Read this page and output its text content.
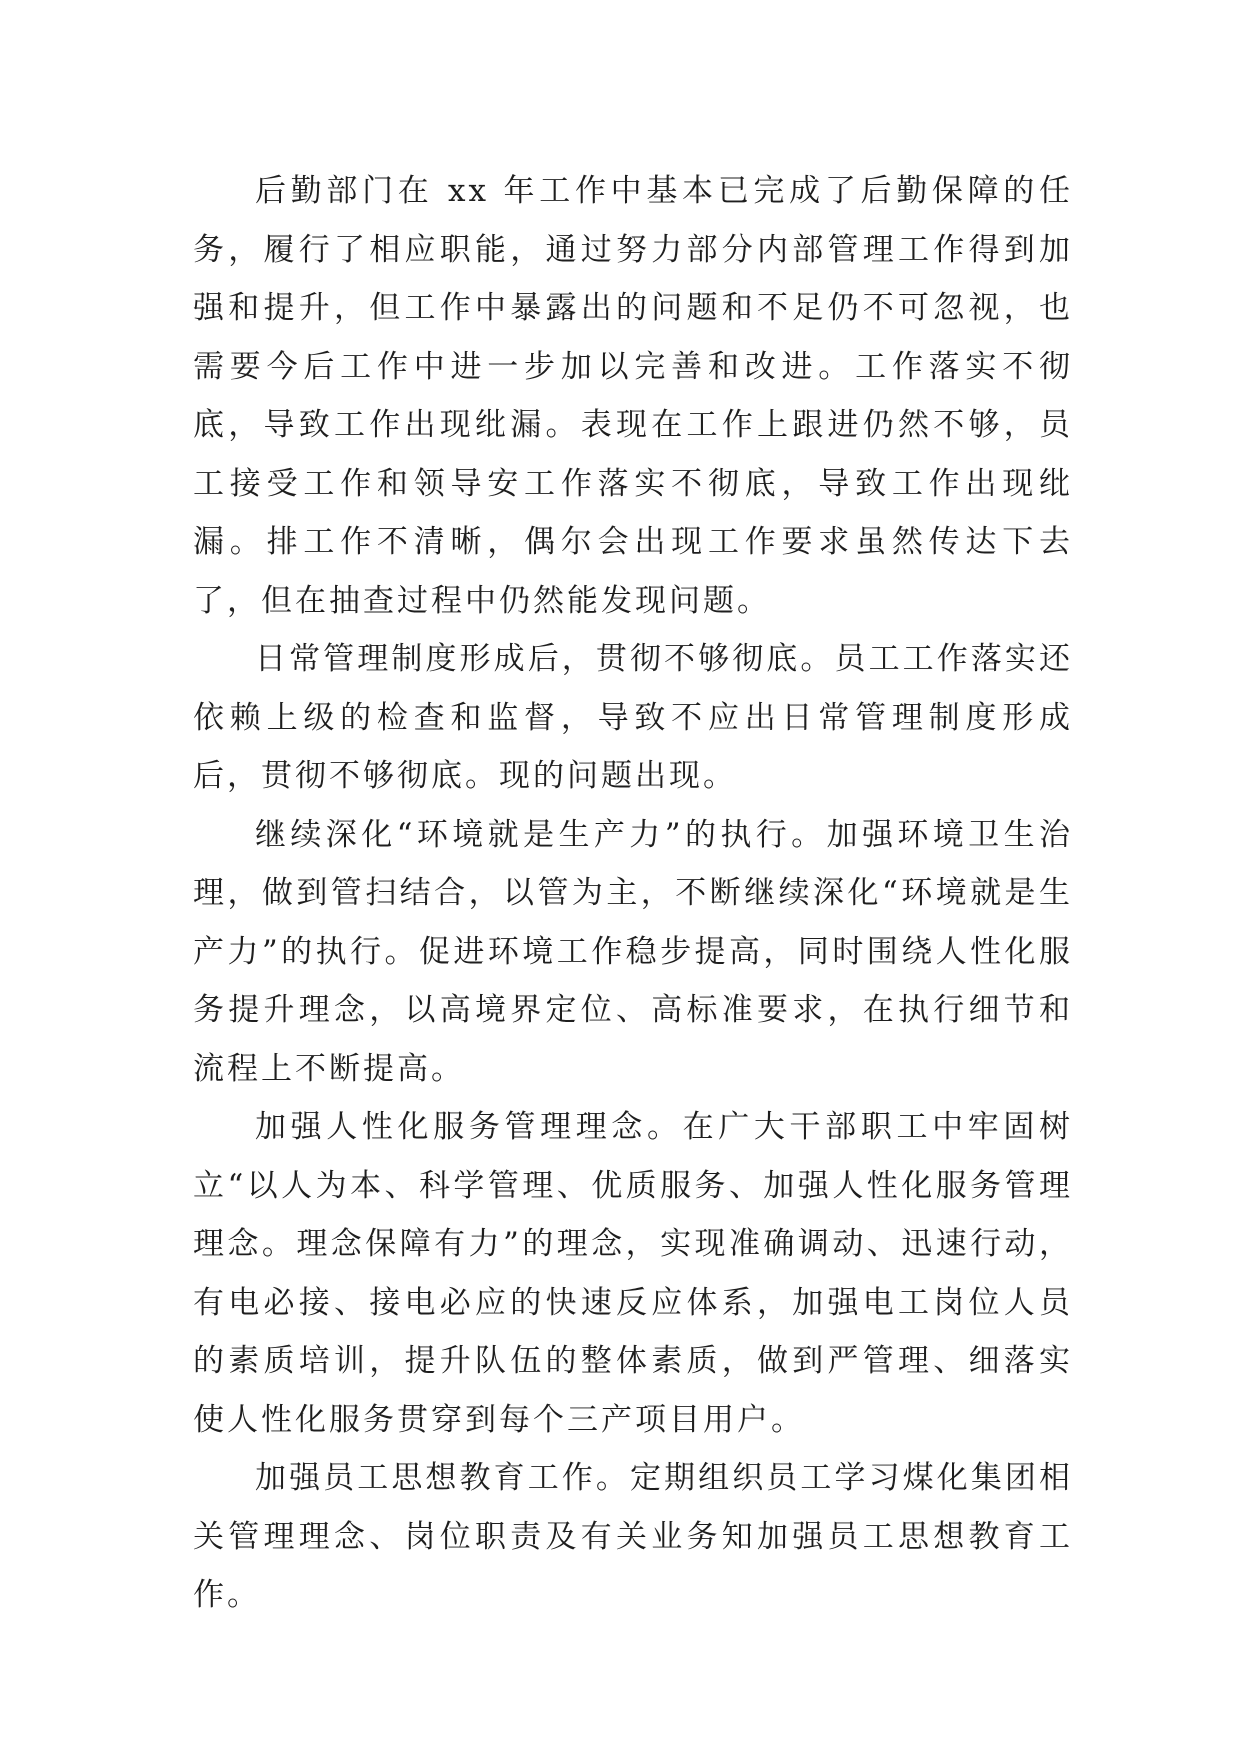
后勤部门在 xx 年工作中基本已完成了后勤保障的任务，履行了相应职能，通过努力部分内部管理工作得到加强和提升，但工作中暴露出的问题和不足仍不可忽视，也需要今后工作中进一步加以完善和改进。工作落实不彻底，导致工作出现纰漏。表现在工作上跟进仍然不够，员工接受工作和领导安工作落实不彻底，导致工作出现纰漏。排工作不清晰，偶尔会出现工作要求虽然传达下去了，但在抽查过程中仍然能发现问题。

日常管理制度形成后，贯彻不够彻底。员工工作落实还依赖上级的检查和监督，导致不应出日常管理制度形成后，贯彻不够彻底。现的问题出现。

继续深化“环境就是生产力”的执行。加强环境卫生治理，做到管扫结合，以管为主，不断继续深化“环境就是生产力”的执行。促进环境工作稳步提高，同时围绕人性化服务提升理念，以高境界定位、高标准要求，在执行细节和流程上不断提高。

加强人性化服务管理理念。在广大干部职工中牢固树立“以人为本、科学管理、优质服务、加强人性化服务管理理念。理念保障有力”的理念，实现准确调动、迅速行动，有电必接、接电必应的快速反应体系，加强电工岗位人员的素质培训，提升队伍的整体素质，做到严管理、细落实使人性化服务贯穿到每个三产项目用户。

加强员工思想教育工作。定期组织员工学习煤化集团相关管理理念、岗位职责及有关业务知加强员工思想教育工作。
